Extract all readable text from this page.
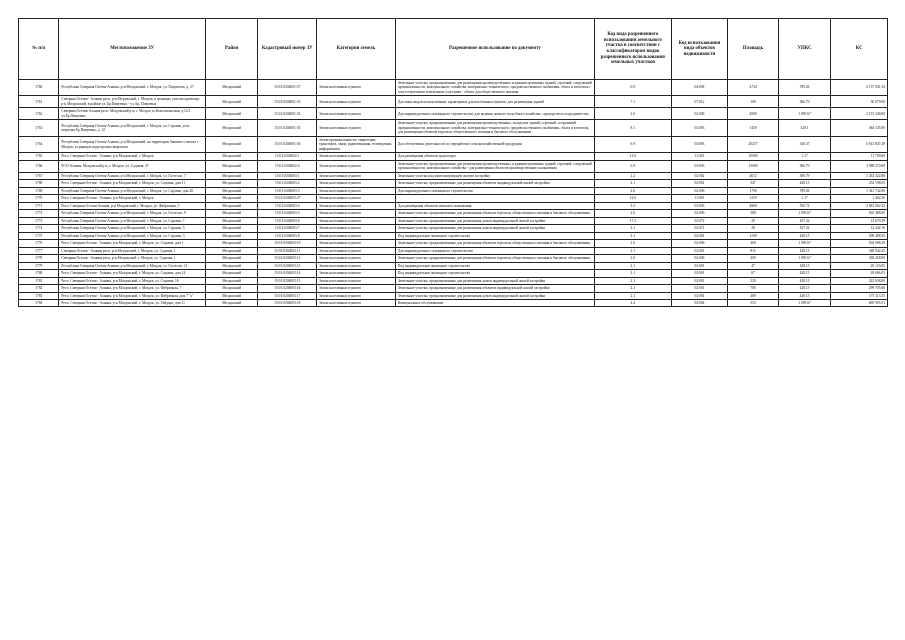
№ п/п	Местоположение ЗУ	Район	Кадастровый номер ЗУ	Категория земель	Разрешенное использование по документу	Код вида разрешенного использования земельного участка в соответствии с классификатором видов разрешенного использования земельных участков	Код использования вида объектов недвижимости	Площадь	УПКС	КС
1760	Республика Северная Осетия-Алания, р-н Моздокский, г. Моздок, ул. Патриотов, д. 27	Моздокский	15:01:0204001:57	Земли населенных пунктов	Земельные участки, предназначенные для размещения производственных и административных зданий, строений, сооружений промышленности, коммунального хозяйства, материально-технического, продовольственного снабжения, сбыта и заготовок с сопутствующими земельными участками - объект для общественного питания	6.9	04:004	2734	789.26	2 157 941.34
1761	Северная Осетия - Алания респ, р-н Моздокский, г. Моздок, в границах участка ориентир: р-н Моздокский, в районе ул. Бр.Пивуевых - ул. Бр. Пивуевых	Моздокский	15:01:0204001:53	Земли населенных пунктов	Для иных видов использования, характерных для населенных пунктов, для размещения зданий	7.1	07:012	100	306.79	30 679.00
1762	Северная Осетия-Алания респ. Моздокский р-н, г. Моздок ул.Комсомольская, д.12/1, ул.Бр.Пивуевых	Моздокский	15:01:0204001:54	Земли населенных пунктов	Для индивидуального жилищного строительства, для ведения личного подсобного хозяйства, садоводства и огородничества	2.6	02:006	2000	1 095.67	2 191 340.00
1763	Республика Северная Осетия-Алания, р-н Моздокский, г. Моздок, ул. Садовая, угол переулка Бр.Пивуевых, д. 12	Моздокский	15:01:0204001:55	Земли населенных пунктов	Земельные участки, предназначенные для размещения производственных, складских зданий, строений, сооружений промышленности, коммунального хозяйства, материально-технического, продовольственного снабжения, сбыта и заготовок, для размещения объектов торговли, общественного питания и бытового обслуживания	8.1	03:003	1450	320.1	464 145.00
1764	Республика Северная Осетия-Алания, р-н Моздокский, на территории бывшего совхоза г. Моздок, в границах кадастровых кварталов	Моздокский	15:01:0204001:56	Земли промышленности, энергетики, транспорта, связи, радиовещания, телевидения, информатики	Для обеспечения деятельности по переработке сельскохозяйственной продукции	6.9	04:003	20257	336.37	6 813 847.49
1765	Респ. Северная Осетия - Алания, р-н Моздокский, г. Моздок	Моздокский	15:01:0204002:1	Земли населенных пунктов	Для размещения объектов транспорта	12.0	11:001	10000	1.17	11 700.00
1766	РСО-Алания, Моздокский р-н, г. Моздок, ул. Садовая, 27	Моздокский	15:01:0204002:4	Земли населенных пунктов	Земельные участки, предназначенные для размещения производственных и административных зданий, строений, сооружений промышленности, коммунального хозяйства - для размещения объектов производственного назначения	6.9	03:003	13000	306.79	3 988 270.00
1767	Республика Северная Осетия-Алания, р-н Моздокский, г. Моздок, ул. Гастелло, 7	Моздокский	15:01:0204003:1	Земли населенных пунктов	Земельные участки под многоквартирную жилую застройку	2.2	02:002	4672	306.79	1 433 322.88
1768	Респ. Северная Осетия - Алания, р-н Моздокский, г. Моздок, ул. Садовая, дом 11	Моздокский	15:01:0204003:2	Земли населенных пунктов	Земельные участки, предназначенные для размещения объектов индивидуальной жилой застройки	2.1	02:001	547	428.15	234 198.05
1769	Республика Северная Осетия-Алания, р-н Моздокский, г. Моздок, ул. Садовая, дом 20	Моздокский	15:01:0204003:3	Земли населенных пунктов	Для индивидуального жилищного строительства	2.6	02:006	1700	789.26	1 341 742.00
1770	Респ. Северная Осетия - Алания, р-н Моздокский, г. Моздок	Моздокский	15:01:0204003:27	Земли населенных пунктов		12.0	11:001	1250	1.17	1 462.50
1771	Респ. Северная Осетия-Алания, р-н Моздокский, г. Моздок, ул. Фабричная, 3	Моздокский	15:01:0204003:4	Земли населенных пунктов	Для размещения объектов нежилого назначения	3.3	03:003	4868	550.74	2 681 002.32
1772	Республика Северная Осетия-Алания, р-н Моздокский, г. Моздок, ул. Гастелло, 9	Моздокский	15:01:0204003:5	Земли населенных пунктов	Земельные участки, предназначенные для размещения объектов торговли, общественного питания и бытового обслуживания	2.6	02:006	580	1 095.67	635 488.60
1773	Республика Северная Осетия-Алания, р-н Моздокский, г. Моздок, ул. Садовая, 7	Моздокский	15:01:0204003:6	Земли населенных пунктов	Земельные участки, предназначенные для размещения домов индивидуальной жилой застройки	17.3	02:072	29	437.22	12 679.38
1774	Республика Северная Осетия-Алания, р-н Моздокский, г. Моздок, ул. Садовая, 5	Моздокский	15:01:0204003:7	Земли населенных пунктов	Земельные участки, предназначенные для размещения домов индивидуальной жилой застройки	2.1	02:071	28	437.22	12 242.16
1775	Республика Северная Осетия-Алания, р-н Моздокский, г. Моздок, ул. Садовая, 3	Моздокский	15:01:0204003:8	Земли населенных пунктов	Под индивидуальное жилищное строительство	2.1	02:001	1190	428.15	509 498.50
1776	Респ. Северная Осетия - Алания, р-н Моздокский, г. Моздок, ул. Садовая, дом 1	Моздокский	15:01:0204003:10	Земли населенных пунктов	Земельные участки, предназначенные для размещения объектов торговли, общественного питания и бытового обслуживания	2.6	02:006	460	1 095.67	504 008.20
1777	Северная Осетия - Алания респ, р-н Моздокский, г. Моздок, ул. Садовая, 1	Моздокский	15:01:0204003:11	Земли населенных пунктов	Для индивидуального жилищного строительства	2.1	02:001	815	428.15	348 942.25
1778	Северная Осетия - Алания респ, р-н Моздокский, г. Моздок, ул. Садовая, 1	Моздокский	15:01:0204003:12	Земли населенных пунктов	Земельные участки, предназначенные для размещения объектов торговли, общественного питания и бытового обслуживания	2.6	02:006	400	1 095.67	438 268.00
1779	Республика Северная Осетия-Алания, р-н Моздокский, г. Моздок, ул. Гастелло, 11	Моздокский	15:01:0204003:13	Земли населенных пунктов	Под индивидуальное жилищное строительство	2.1	02:001	47	428.15	20 123.05
1780	Респ. Северная Осетия - Алания, р-н Моздокский, г. Моздок, ул. Садовая, дом 14	Моздокский	15:01:0204003:14	Земли населенных пунктов	Под индивидуальное жилищное строительство	2.1	02:001	67	428.15	28 686.05
1781	Респ. Северная Осетия - Алания, р-н Моздокский, г. Моздок, ул. Садовая, 16	Моздокский	15:01:0204003:15	Земли населенных пунктов	Земельные участки, предназначенные для размещения домов индивидуальной жилой застройки	2.1	02:001	520	428.15	222 638.00
1782	Респ. Северная Осетия - Алания, р-н Моздокский, г. Моздок, ул. Фабричная, 7	Моздокский	15:01:0204003:16	Земли населенных пунктов	Земельные участки, предназначенные для размещения объектов индивидуальной жилой застройки	2.1	02:001	700	428.15	299 705.00
1783	Респ. Северная Осетия - Алания, р-н Моздокский, г. Моздок, ул. Фабричная, дом 7 "а"	Моздокский	15:01:0204003:17	Земли населенных пунктов	Земельные участки, предназначенные для размещения домов индивидуальной жилой застройки	2.1	02:001	409	428.15	175 113.35
1784	Респ. Северная Осетия - Алания, р-н Моздокский, г. Моздок, ул. Гайдара, дом 11	Моздокский	15:01:0204003:18	Земли населенных пунктов	Коммунальное обслуживание	4.4	04:004	553	1 095.67	605 905.51
